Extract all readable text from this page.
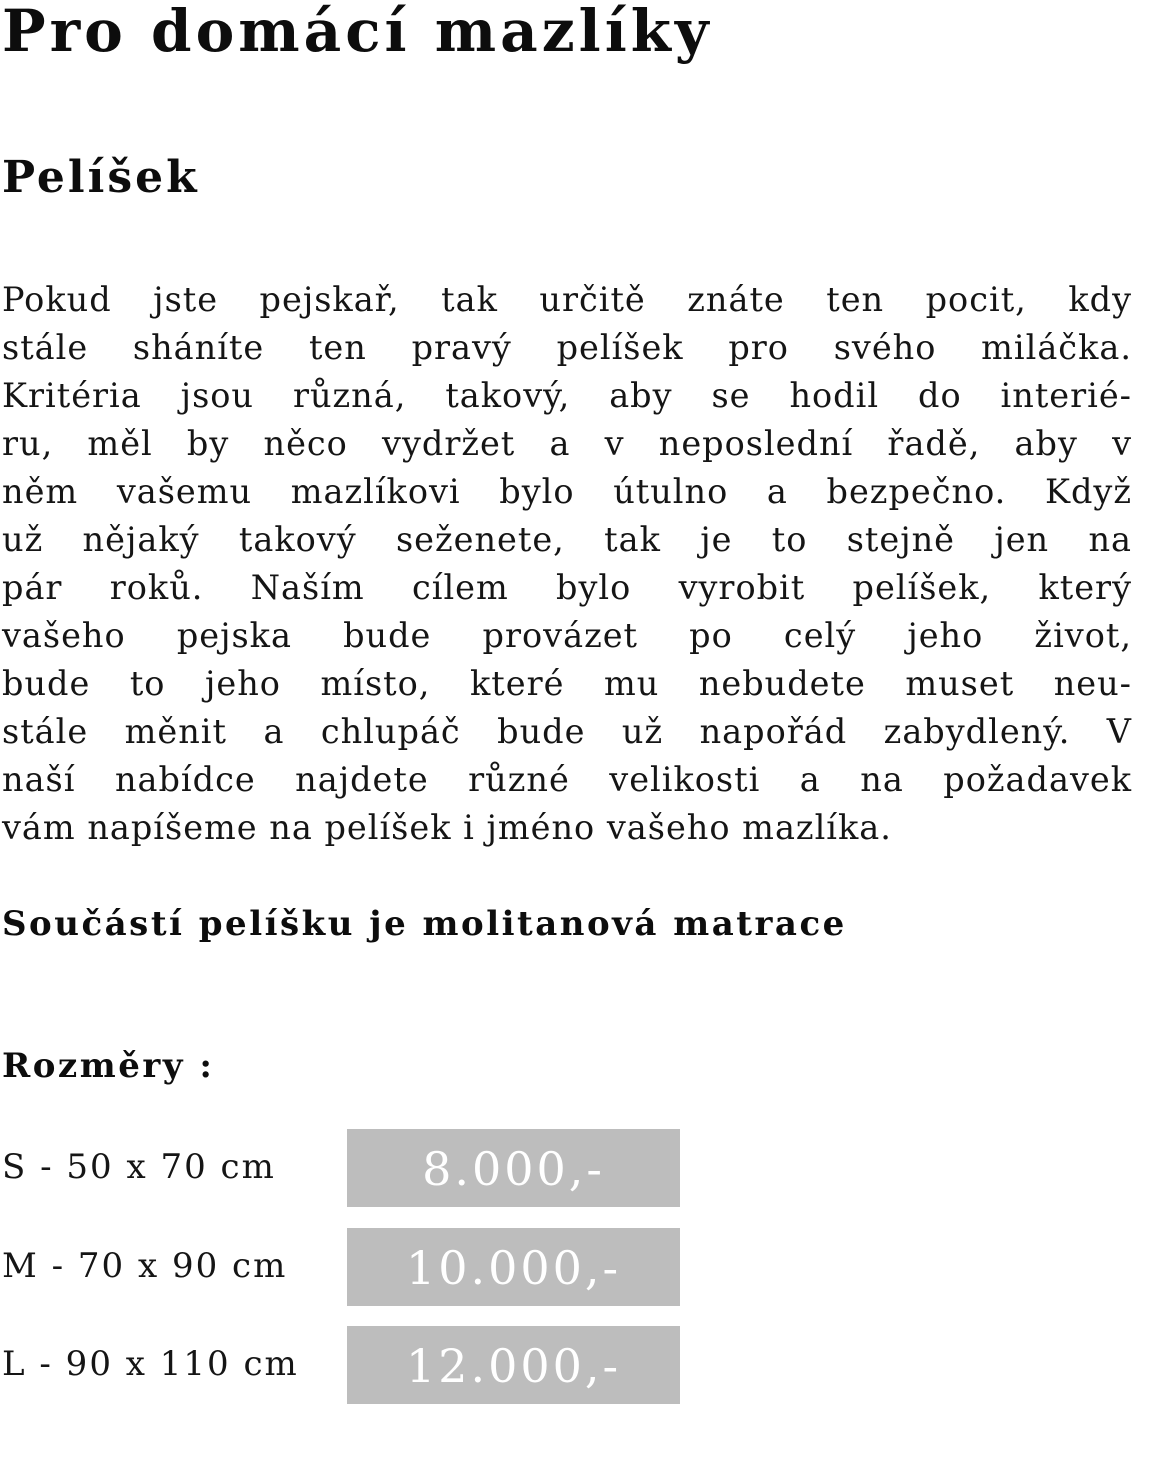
Pro domácí mazlíky
Pelíšek

Pokud jste pejskař, tak určitě znáte ten pocit, kdy
stále sháníte ten pravý pelíšek pro svého miláčka.
Kritéria jsou různá, takový, aby se hodil do interié-
ru, měl by něco vydržet a v neposlední řadě, aby v
něm vašemu mazlíkovi bylo útulno a bezpečno. Když
už nějaký takový seženete, tak je to stejně jen na
pár roků. Naším cílem bylo vyrobit pelíšek, který
vašeho pejska bude provázet po celý jeho život,
bude to jeho místo, které mu nebudete muset neu-
stále měnit a chlupáč bude už napořád zabydlený. V
naší nabídce najdete různé velikosti a na požadavek
vám napíšeme na pelíšek i jméno vašeho mazlíka.

Součástí pelíšku je molitanová matrace

Rozměry :

S - 50 x 70 cm	8.000,-
M - 70 x 90 cm	10.000,-
L - 90 x 110 cm	12.000,-
